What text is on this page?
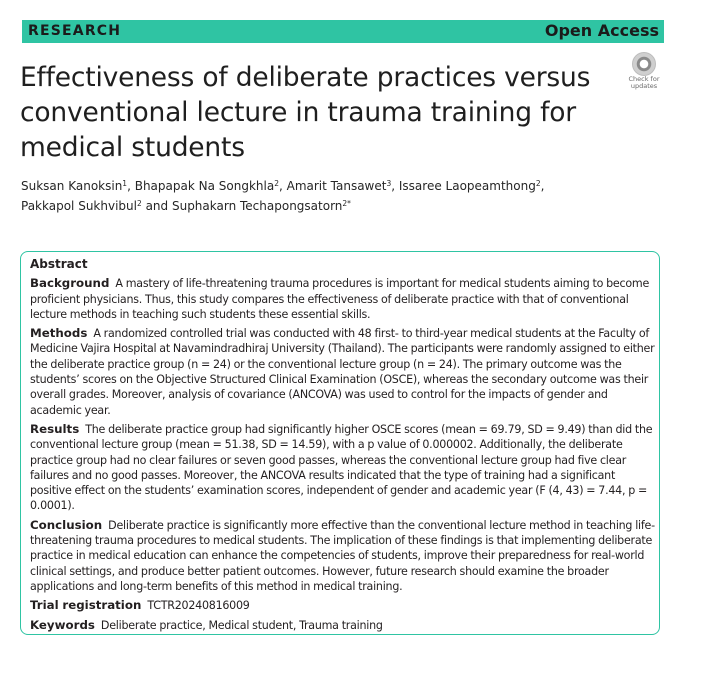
RESEARCH	Open Access
Effectiveness of deliberate practices versus conventional lecture in trauma training for medical students
Check for
updates
Suksan Kanoksin$^1$, Bhapapak Na Songkhla$^2$, Amarit Tansawet$^3$, Issaree Laopeamthong$^2$,
Pakkapol Sukhvibul$^2$ and Suphakarn Techapongsatorn$^{2*}$
Abstract
Background A mastery of life-threatening trauma procedures is important for medical students aiming to become proficient physicians. Thus, this study compares the effectiveness of deliberate practice with that of conventional lecture methods in teaching such students these essential skills.
Methods A randomized controlled trial was conducted with 48 first- to third-year medical students at the Faculty of Medicine Vajira Hospital at Navamindradhiraj University (Thailand). The participants were randomly assigned to either the deliberate practice group (n = 24) or the conventional lecture group (n = 24). The primary outcome was the students’ scores on the Objective Structured Clinical Examination (OSCE), whereas the secondary outcome was their overall grades. Moreover, analysis of covariance (ANCOVA) was used to control for the impacts of gender and academic year.
Results The deliberate practice group had significantly higher OSCE scores (mean = 69.79, SD = 9.49) than did the conventional lecture group (mean = 51.38, SD = 14.59), with a p value of 0.000002. Additionally, the deliberate practice group had no clear failures or seven good passes, whereas the conventional lecture group had five clear failures and no good passes. Moreover, the ANCOVA results indicated that the type of training had a significant positive effect on the students’ examination scores, independent of gender and academic year (F (4, 43) = 7.44, p = 0.0001).
Conclusion Deliberate practice is significantly more effective than the conventional lecture method in teaching life-threatening trauma procedures to medical students. The implication of these findings is that implementing deliberate practice in medical education can enhance the competencies of students, improve their preparedness for real-world clinical settings, and produce better patient outcomes. However, future research should examine the broader applications and long-term benefits of this method in medical training.
Trial registration TCTR20240816009
Keywords Deliberate practice, Medical student, Trauma training
